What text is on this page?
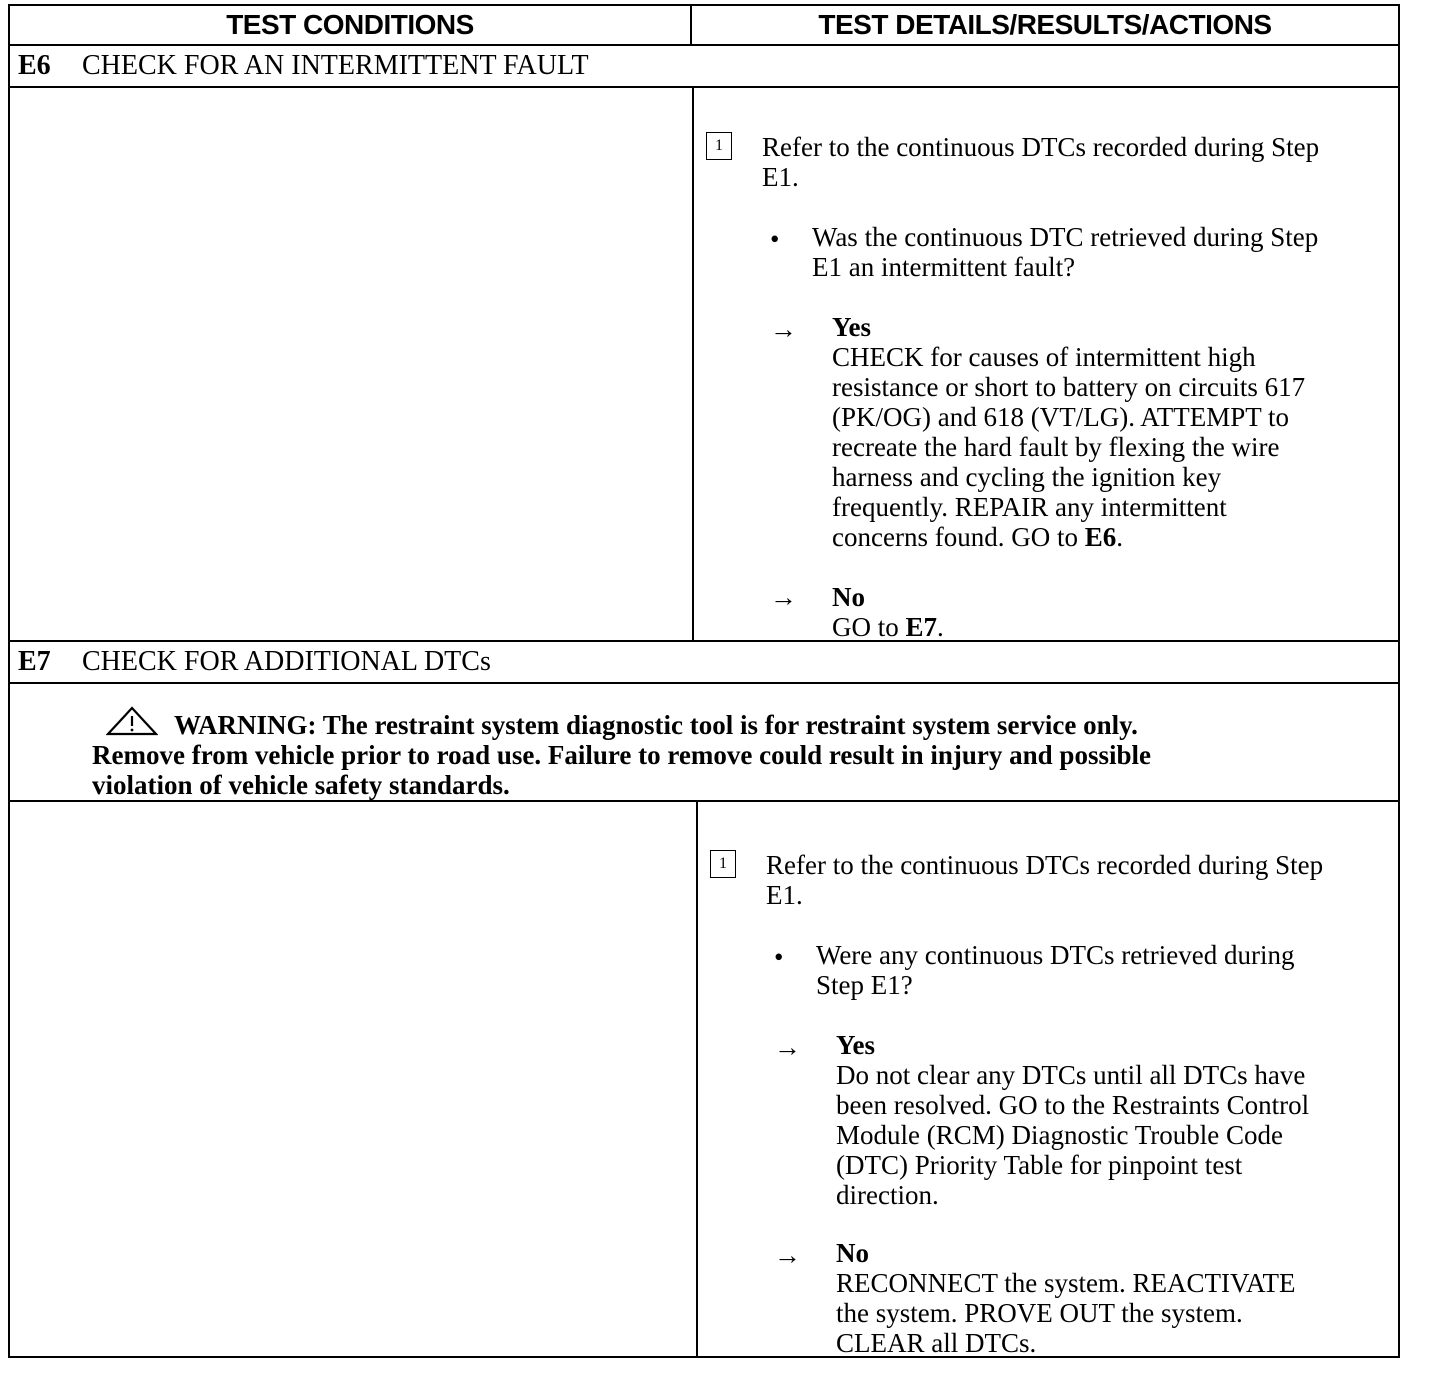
TEST CONDITIONS	TEST DETAILS/RESULTS/ACTIONS
E6	CHECK FOR AN INTERMITTENT FAULT
1	Refer to the continuous DTCs recorded during Step
E1.
• Was the continuous DTC retrieved during Step
E1 an intermittent fault?
→ Yes
CHECK for causes of intermittent high
resistance or short to battery on circuits 617
(PK/OG) and 618 (VT/LG). ATTEMPT to
recreate the hard fault by flexing the wire
harness and cycling the ignition key
frequently. REPAIR any intermittent
concerns found. GO to E6.
→ No
GO to E7.
E7	CHECK FOR ADDITIONAL DTCs
WARNING: The restraint system diagnostic tool is for restraint system service only.
Remove from vehicle prior to road use. Failure to remove could result in injury and possible
violation of vehicle safety standards.
1	Refer to the continuous DTCs recorded during Step
E1.
• Were any continuous DTCs retrieved during
Step E1?
→ Yes
Do not clear any DTCs until all DTCs have
been resolved. GO to the Restraints Control
Module (RCM) Diagnostic Trouble Code
(DTC) Priority Table for pinpoint test
direction.
→ No
RECONNECT the system. REACTIVATE
the system. PROVE OUT the system.
CLEAR all DTCs.
